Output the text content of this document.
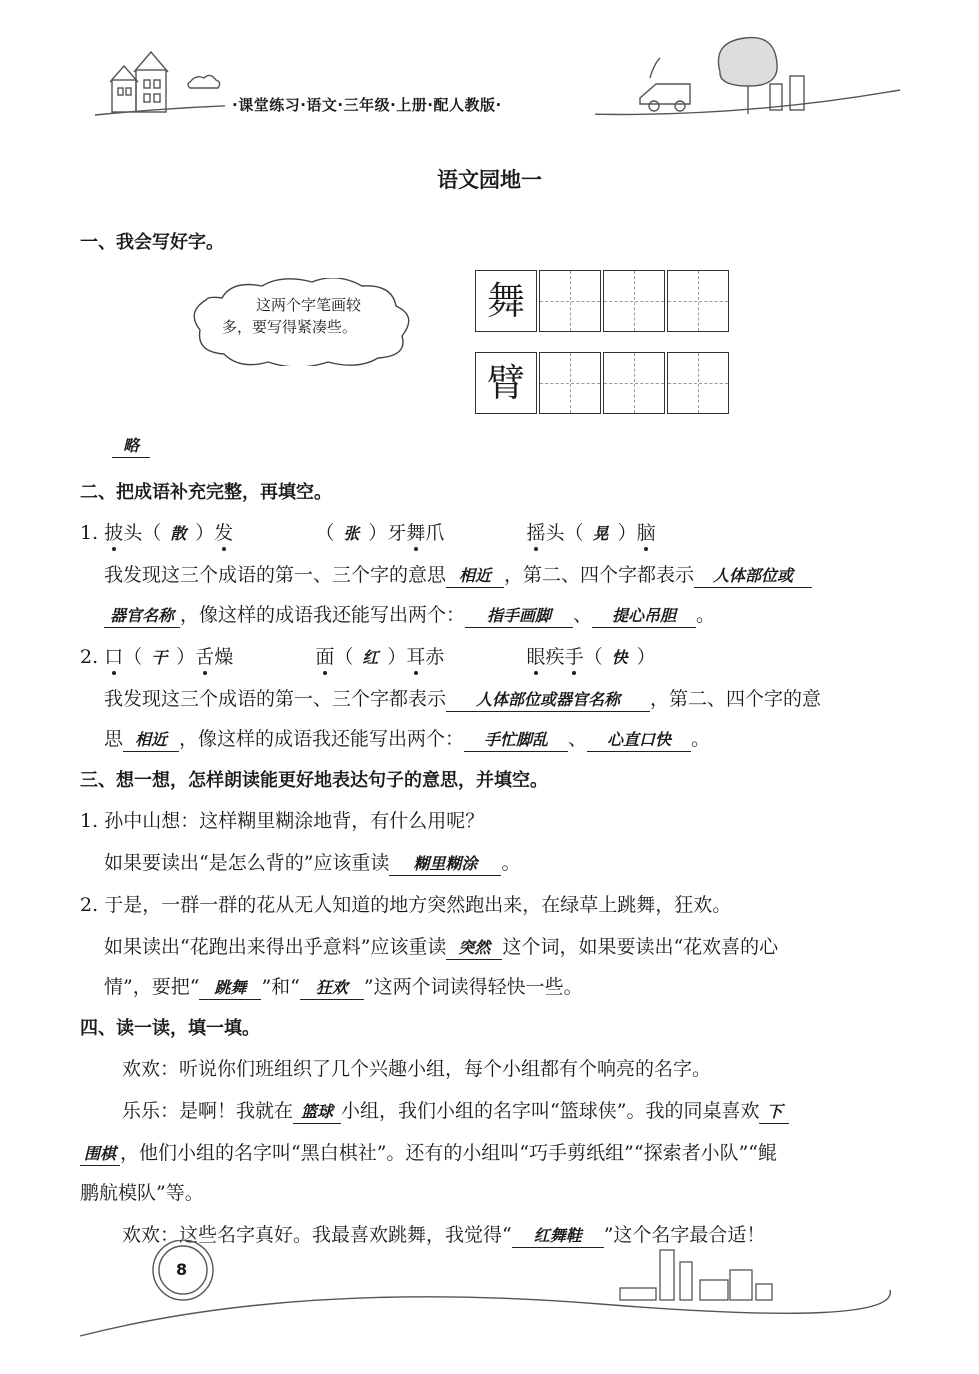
·课堂练习·语文·三年级·上册·配人教版·
语文园地一
一、我会写好字。
这两个字笔画较
多，要写得紧凑些。
舞
臂
略
二、把成语补充完整，再填空。
1. 披头（ 散 ）发	（ 张 ）牙舞爪	摇头（ 晃 ）脑
我发现这三个成语的第一、三个字的意思 相近 ，第二、四个字都表示 人体部位或
器官名称 ，像这样的成语我还能写出两个： 指手画脚 、 提心吊胆 。
2. 口（ 干 ）舌燥	面（ 红 ）耳赤	眼疾手（ 快 ）
我发现这三个成语的第一、三个字都表示 人体部位或器官名称 ，第二、四个字的意
思 相近 ，像这样的成语我还能写出两个： 手忙脚乱 、 心直口快 。
三、想一想，怎样朗读能更好地表达句子的意思，并填空。
1. 孙中山想：这样糊里糊涂地背，有什么用呢？
如果要读出“是怎么背的”应该重读 糊里糊涂 。
2. 于是，一群一群的花从无人知道的地方突然跑出来，在绿草上跳舞，狂欢。
如果读出“花跑出来得出乎意料”应该重读 突然 这个词，如果要读出“花欢喜的心
情”，要把“ 跳舞 ”和“ 狂欢 ”这两个词读得轻快一些。
四、读一读，填一填。
欢欢：听说你们班组织了几个兴趣小组，每个小组都有个响亮的名字。
乐乐：是啊！我就在 篮球 小组，我们小组的名字叫“篮球侠”。我的同桌喜欢 下
围棋 ，他们小组的名字叫“黑白棋社”。还有的小组叫“巧手剪纸组”“探索者小队”“鲲
鹏航模队”等。
欢欢：这些名字真好。我最喜欢跳舞，我觉得“ 红舞鞋 ”这个名字最合适！
8
